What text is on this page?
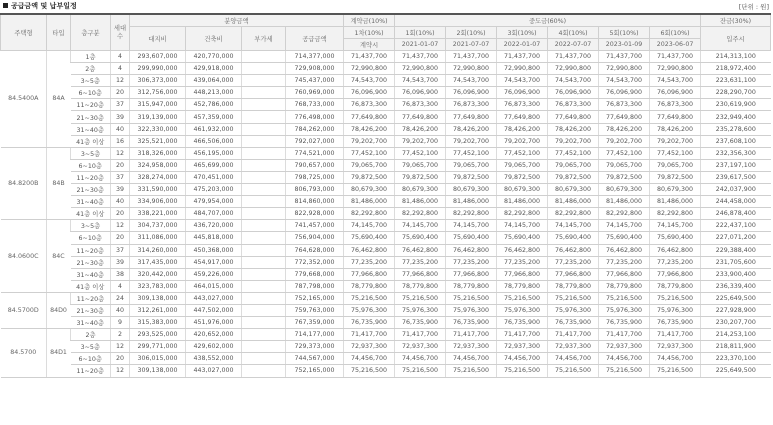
공급금액 및 납부일정	[단위 : 원]
주택형	타입	층구분	세대수	분양금액				계약금(10%)	중도금(60%)						잔금(30%)
				대지비	건축비	부가세	공급금액	1차(10%)	1회(10%)	2회(10%)	3회(10%)	4회(10%)	5회(10%)	6회(10%)	입주시
								계약시	2021-01-07	2021-07-07	2022-01-07	2022-07-07	2023-01-09	2023-06-07	
84.5400A	84A	1층	4	293,607,000	420,770,000		714,377,000	71,437,700	71,437,700	71,437,700	71,437,700	71,437,700	71,437,700	71,437,700	214,313,100
		2층	4	299,990,000	429,918,000		729,908,000	72,990,800	72,990,800	72,990,800	72,990,800	72,990,800	72,990,800	72,990,800	218,972,400
		3~5층	12	306,373,000	439,064,000		745,437,000	74,543,700	74,543,700	74,543,700	74,543,700	74,543,700	74,543,700	74,543,700	223,631,100
		6~10층	20	312,756,000	448,213,000		760,969,000	76,096,900	76,096,900	76,096,900	76,096,900	76,096,900	76,096,900	76,096,900	228,290,700
		11~20층	37	315,947,000	452,786,000		768,733,000	76,873,300	76,873,300	76,873,300	76,873,300	76,873,300	76,873,300	76,873,300	230,619,900
		21~30층	39	319,139,000	457,359,000		776,498,000	77,649,800	77,649,800	77,649,800	77,649,800	77,649,800	77,649,800	77,649,800	232,949,400
		31~40층	40	322,330,000	461,932,000		784,262,000	78,426,200	78,426,200	78,426,200	78,426,200	78,426,200	78,426,200	78,426,200	235,278,600
		41층 이상	16	325,521,000	466,506,000		792,027,000	79,202,700	79,202,700	79,202,700	79,202,700	79,202,700	79,202,700	79,202,700	237,608,100
84.8200B	84B	3~5층	12	318,326,000	456,195,000		774,521,000	77,452,100	77,452,100	77,452,100	77,452,100	77,452,100	77,452,100	77,452,100	232,356,300
		6~10층	20	324,958,000	465,699,000		790,657,000	79,065,700	79,065,700	79,065,700	79,065,700	79,065,700	79,065,700	79,065,700	237,197,100
		11~20층	37	328,274,000	470,451,000		798,725,000	79,872,500	79,872,500	79,872,500	79,872,500	79,872,500	79,872,500	79,872,500	239,617,500
		21~30층	39	331,590,000	475,203,000		806,793,000	80,679,300	80,679,300	80,679,300	80,679,300	80,679,300	80,679,300	80,679,300	242,037,900
		31~40층	40	334,906,000	479,954,000		814,860,000	81,486,000	81,486,000	81,486,000	81,486,000	81,486,000	81,486,000	81,486,000	244,458,000
		41층 이상	20	338,221,000	484,707,000		822,928,000	82,292,800	82,292,800	82,292,800	82,292,800	82,292,800	82,292,800	82,292,800	246,878,400
84.0600C	84C	3~5층	12	304,737,000	436,720,000		741,457,000	74,145,700	74,145,700	74,145,700	74,145,700	74,145,700	74,145,700	74,145,700	222,437,100
		6~10층	20	311,086,000	445,818,000		756,904,000	75,690,400	75,690,400	75,690,400	75,690,400	75,690,400	75,690,400	75,690,400	227,071,200
		11~20층	37	314,260,000	450,368,000		764,628,000	76,462,800	76,462,800	76,462,800	76,462,800	76,462,800	76,462,800	76,462,800	229,388,400
		21~30층	39	317,435,000	454,917,000		772,352,000	77,235,200	77,235,200	77,235,200	77,235,200	77,235,200	77,235,200	77,235,200	231,705,600
		31~40층	38	320,442,000	459,226,000		779,668,000	77,966,800	77,966,800	77,966,800	77,966,800	77,966,800	77,966,800	77,966,800	233,900,400
		41층 이상	4	323,783,000	464,015,000		787,798,000	78,779,800	78,779,800	78,779,800	78,779,800	78,779,800	78,779,800	78,779,800	236,339,400
84.5700D	84D0	11~20층	24	309,138,000	443,027,000		752,165,000	75,216,500	75,216,500	75,216,500	75,216,500	75,216,500	75,216,500	75,216,500	225,649,500
		21~30층	40	312,261,000	447,502,000		759,763,000	75,976,300	75,976,300	75,976,300	75,976,300	75,976,300	75,976,300	75,976,300	227,928,900
		31~40층	9	315,383,000	451,976,000		767,359,000	76,735,900	76,735,900	76,735,900	76,735,900	76,735,900	76,735,900	76,735,900	230,207,700
84.5700	84D1	2층	2	293,525,000	420,652,000		714,177,000	71,417,700	71,417,700	71,417,700	71,417,700	71,417,700	71,417,700	71,417,700	214,253,100
		3~5층	12	299,771,000	429,602,000		729,373,000	72,937,300	72,937,300	72,937,300	72,937,300	72,937,300	72,937,300	72,937,300	218,811,900
		6~10층	20	306,015,000	438,552,000		744,567,000	74,456,700	74,456,700	74,456,700	74,456,700	74,456,700	74,456,700	74,456,700	223,370,100
		11~20층	12	309,138,000	443,027,000		752,165,000	75,216,500	75,216,500	75,216,500	75,216,500	75,216,500	75,216,500	75,216,500	225,649,500
